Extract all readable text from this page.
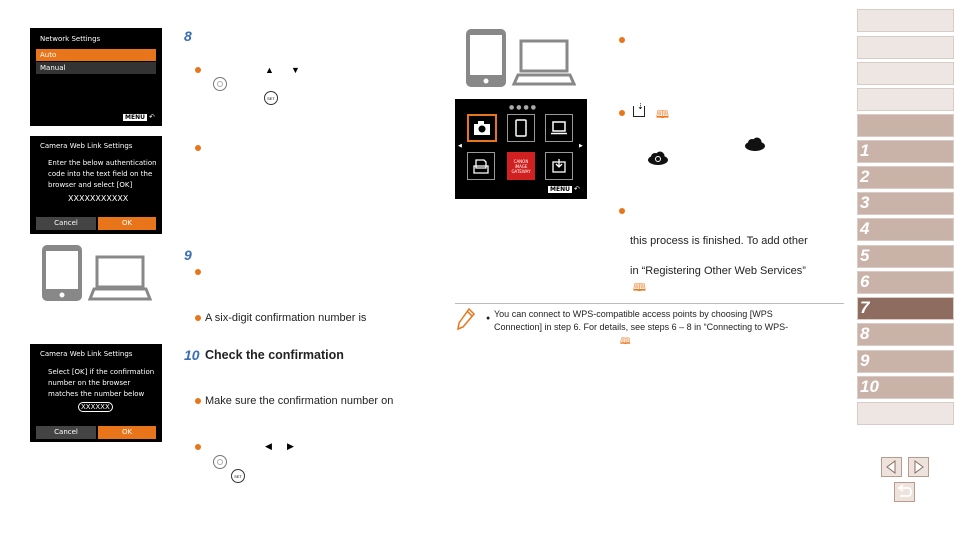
Network Settings
Auto
Manual
MENU ↶
Camera Web Link Settings
Enter the below authentication
code into the text field on the
browser and select [OK]
XXXXXXXXXXX
Cancel	OK
Camera Web Link Settings
Select [OK] if the confirmation
number on the browser
matches the number below
XXXXXX
Cancel	OK
8
▲ ▼
SET
9
A six-digit confirmation number is
10 Check the confirmation
Make sure the confirmation number on
◀ ▶
SET
●●●●
◀	▶
CANON iMAGE GATEWAY
MENU ↶
⇣
🕮
this process is finished. To add other
in “Registering Other Web Services”
🕮
● You can connect to WPS-compatible access points by choosing [WPS
Connection] in step 6. For details, see steps 6 – 8 in “Connecting to WPS-
🕮
1
2
3
4
5
6
7
8
9
10
